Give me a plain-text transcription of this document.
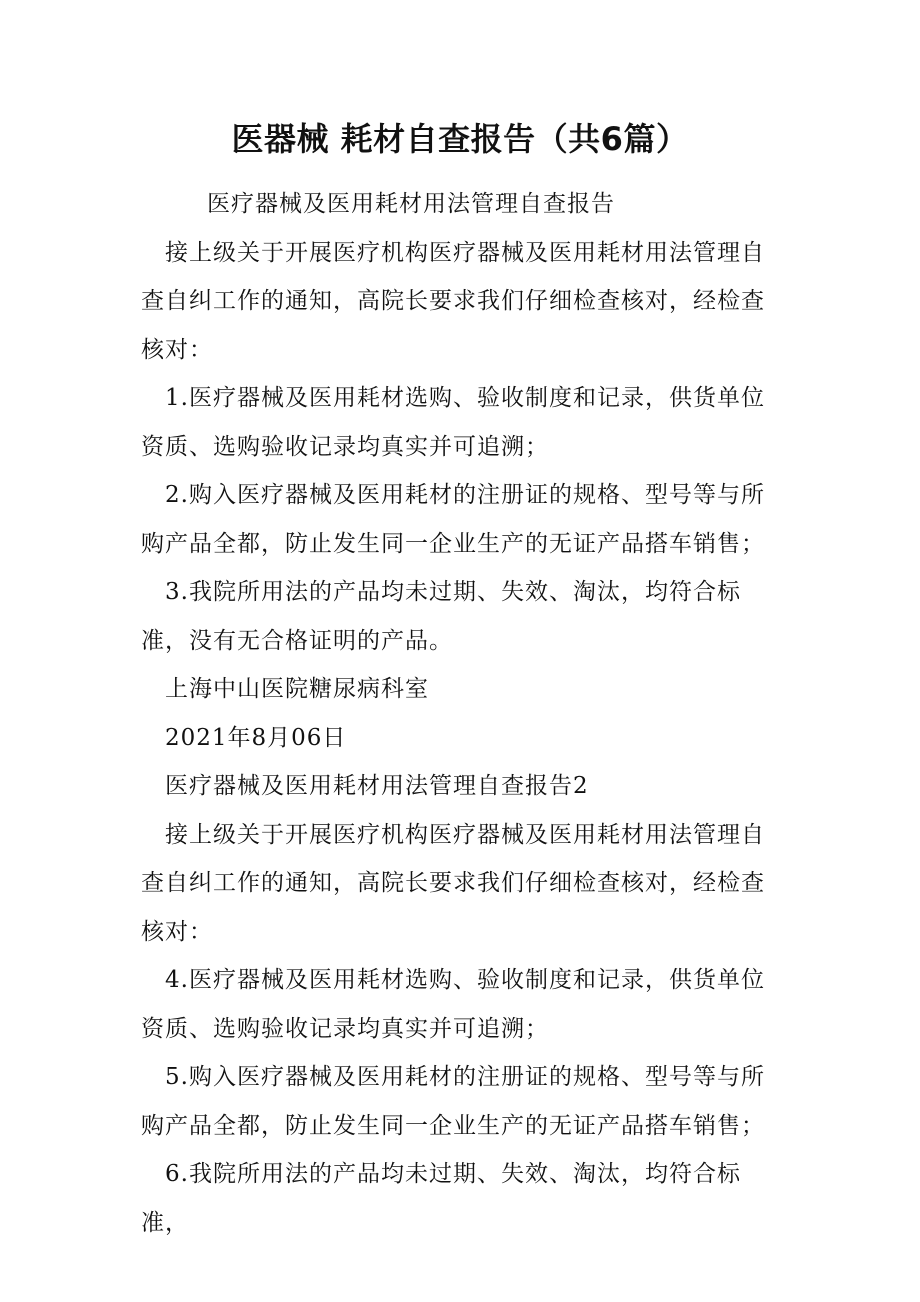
医器械 耗材自查报告（共6篇）

医疗器械及医用耗材用法管理自查报告

接上级关于开展医疗机构医疗器械及医用耗材用法管理自查自纠工作的通知，高院长要求我们仔细检查核对，经检查核对：

1.医疗器械及医用耗材选购、验收制度和记录，供货单位资质、选购验收记录均真实并可追溯；

2.购入医疗器械及医用耗材的注册证的规格、型号等与所购产品全都，防止发生同一企业生产的无证产品搭车销售；

3.我院所用法的产品均未过期、失效、淘汰，均符合标准，没有无合格证明的产品。

上海中山医院糖尿病科室

2021年8月06日

医疗器械及医用耗材用法管理自查报告2

接上级关于开展医疗机构医疗器械及医用耗材用法管理自查自纠工作的通知，高院长要求我们仔细检查核对，经检查核对：

4.医疗器械及医用耗材选购、验收制度和记录，供货单位资质、选购验收记录均真实并可追溯；

5.购入医疗器械及医用耗材的注册证的规格、型号等与所购产品全都，防止发生同一企业生产的无证产品搭车销售；

6.我院所用法的产品均未过期、失效、淘汰，均符合标准，
